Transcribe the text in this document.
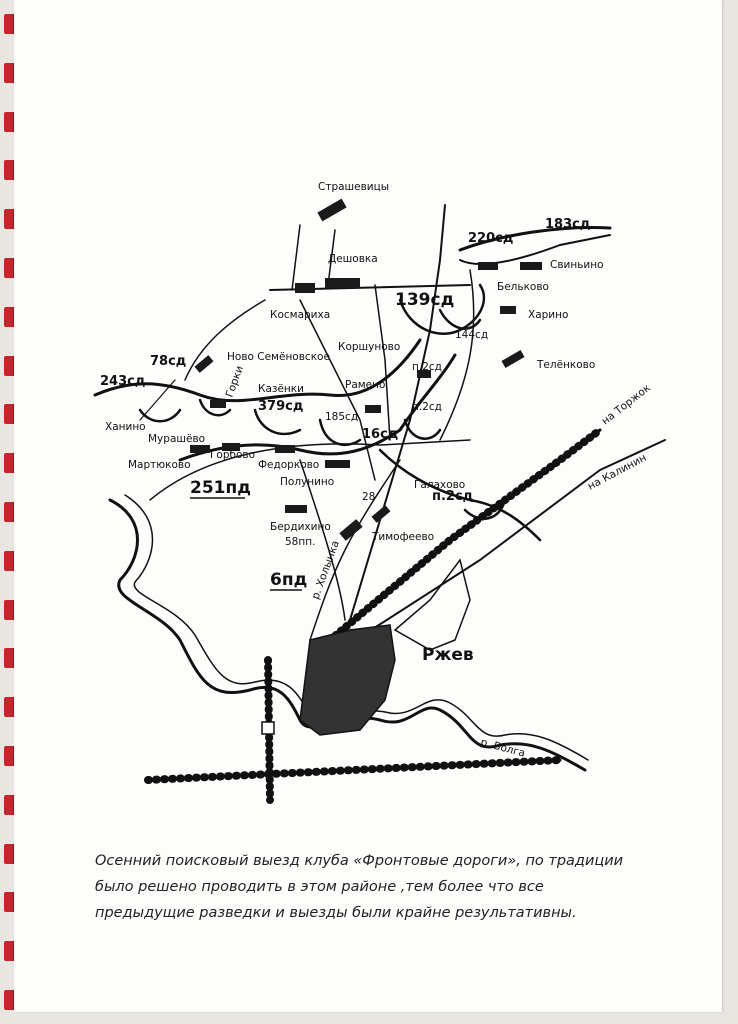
Страшевицы
Дешовка
Космариха
Ново Семёновское
Коршуново
Рамено
Горки Казёнки
Ханино
Мурашёво
Мартюково
Горбово
Федорково
Полунино	Галахово
Тимофеево
Бердихино
Свиньино
Бельково
Харино
Телёнково
на Торжок
на Калинин
Ржев
р. Волга
р. Холынка
220сд
183сд
139сд
144сд
243сд
78сд
379сд
185сд
16сд
п.2сд
п.2сд
п.2сд
251пд
6пд
58пп.
28

Осенний поисковый выезд клуба «Фронтовые дороги», по традиции было решено проводить в этом районе ,тем более что все предыдущие разведки и выезды были крайне результативны.
